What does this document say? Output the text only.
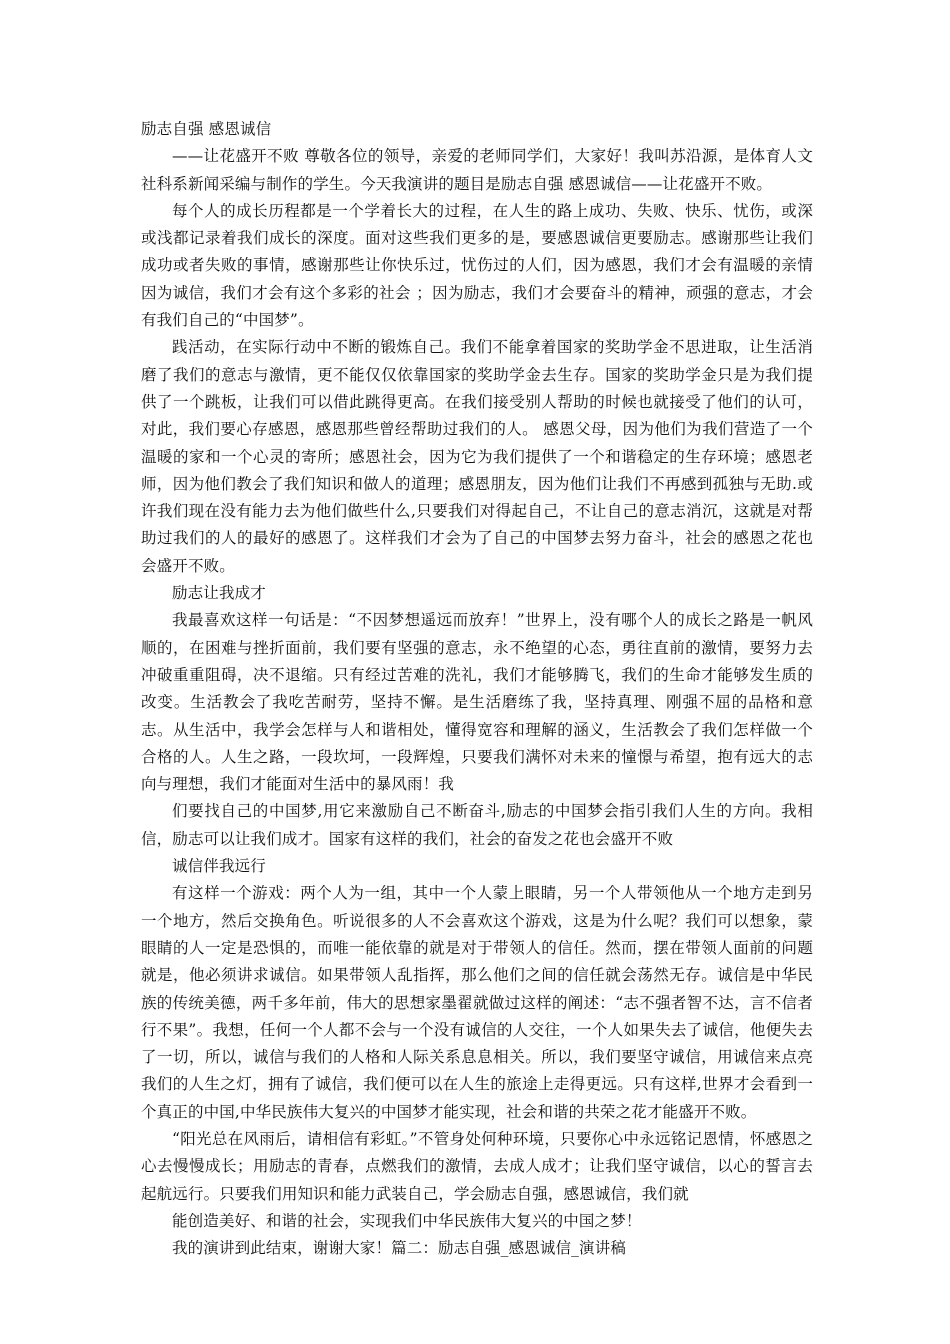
励志自强 感恩诚信

——让花盛开不败 尊敬各位的领导，亲爱的老师同学们，大家好！我叫苏沿源，是体育人文社科系新闻采编与制作的学生。今天我演讲的题目是励志自强 感恩诚信——让花盛开不败。

每个人的成长历程都是一个学着长大的过程，在人生的路上成功、失败、快乐、忧伤，或深或浅都记录着我们成长的深度。面对这些我们更多的是，要感恩诚信更要励志。感谢那些让我们成功或者失败的事情，感谢那些让你快乐过，忧伤过的人们，因为感恩，我们才会有温暖的亲情因为诚信，我们才会有这个多彩的社会 ；因为励志，我们才会要奋斗的精神，顽强的意志，才会有我们自己的“中国梦”。

践活动，在实际行动中不断的锻炼自己。我们不能拿着国家的奖助学金不思进取，让生活消磨了我们的意志与激情，更不能仅仅依靠国家的奖助学金去生存。国家的奖助学金只是为我们提供了一个跳板，让我们可以借此跳得更高。在我们接受别人帮助的时候也就接受了他们的认可，对此，我们要心存感恩，感恩那些曾经帮助过我们的人。 感恩父母，因为他们为我们营造了一个温暖的家和一个心灵的寄所；感恩社会，因为它为我们提供了一个和谐稳定的生存环境；感恩老师，因为他们教会了我们知识和做人的道理；感恩朋友，因为他们让我们不再感到孤独与无助.或许我们现在没有能力去为他们做些什么,只要我们对得起自己，不让自己的意志消沉，这就是对帮助过我们的人的最好的感恩了。这样我们才会为了自己的中国梦去努力奋斗，社会的感恩之花也会盛开不败。

励志让我成才

我最喜欢这样一句话是：“不因梦想遥远而放弃！”世界上，没有哪个人的成长之路是一帆风顺的，在困难与挫折面前，我们要有坚强的意志，永不绝望的心态，勇往直前的激情，要努力去冲破重重阻碍，决不退缩。只有经过苦难的洗礼，我们才能够腾飞，我们的生命才能够发生质的改变。生活教会了我吃苦耐劳，坚持不懈。是生活磨练了我，坚持真理、刚强不屈的品格和意志。从生活中，我学会怎样与人和谐相处，懂得宽容和理解的涵义，生活教会了我们怎样做一个合格的人。人生之路，一段坎坷，一段辉煌，只要我们满怀对未来的憧憬与希望，抱有远大的志向与理想，我们才能面对生活中的暴风雨！我

们要找自己的中国梦,用它来激励自己不断奋斗,励志的中国梦会指引我们人生的方向。我相信，励志可以让我们成才。国家有这样的我们，社会的奋发之花也会盛开不败

诚信伴我远行

有这样一个游戏：两个人为一组，其中一个人蒙上眼睛，另一个人带领他从一个地方走到另一个地方，然后交换角色。听说很多的人不会喜欢这个游戏，这是为什么呢？我们可以想象，蒙眼睛的人一定是恐惧的，而唯一能依靠的就是对于带领人的信任。然而，摆在带领人面前的问题就是，他必须讲求诚信。如果带领人乱指挥，那么他们之间的信任就会荡然无存。诚信是中华民族的传统美德，两千多年前，伟大的思想家墨翟就做过这样的阐述：“志不强者智不达，言不信者行不果”。我想，任何一个人都不会与一个没有诚信的人交往，一个人如果失去了诚信，他便失去了一切，所以，诚信与我们的人格和人际关系息息相关。所以，我们要坚守诚信，用诚信来点亮我们的人生之灯，拥有了诚信，我们便可以在人生的旅途上走得更远。只有这样,世界才会看到一个真正的中国,中华民族伟大复兴的中国梦才能实现，社会和谐的共荣之花才能盛开不败。

“阳光总在风雨后，请相信有彩虹。”不管身处何种环境，只要你心中永远铭记恩情，怀感恩之心去慢慢成长；用励志的青春，点燃我们的激情，去成人成才；让我们坚守诚信，以心的誓言去起航远行。只要我们用知识和能力武装自己，学会励志自强，感恩诚信，我们就

能创造美好、和谐的社会，实现我们中华民族伟大复兴的中国之梦！

我的演讲到此结束，谢谢大家！篇二：励志自强_感恩诚信_演讲稿
